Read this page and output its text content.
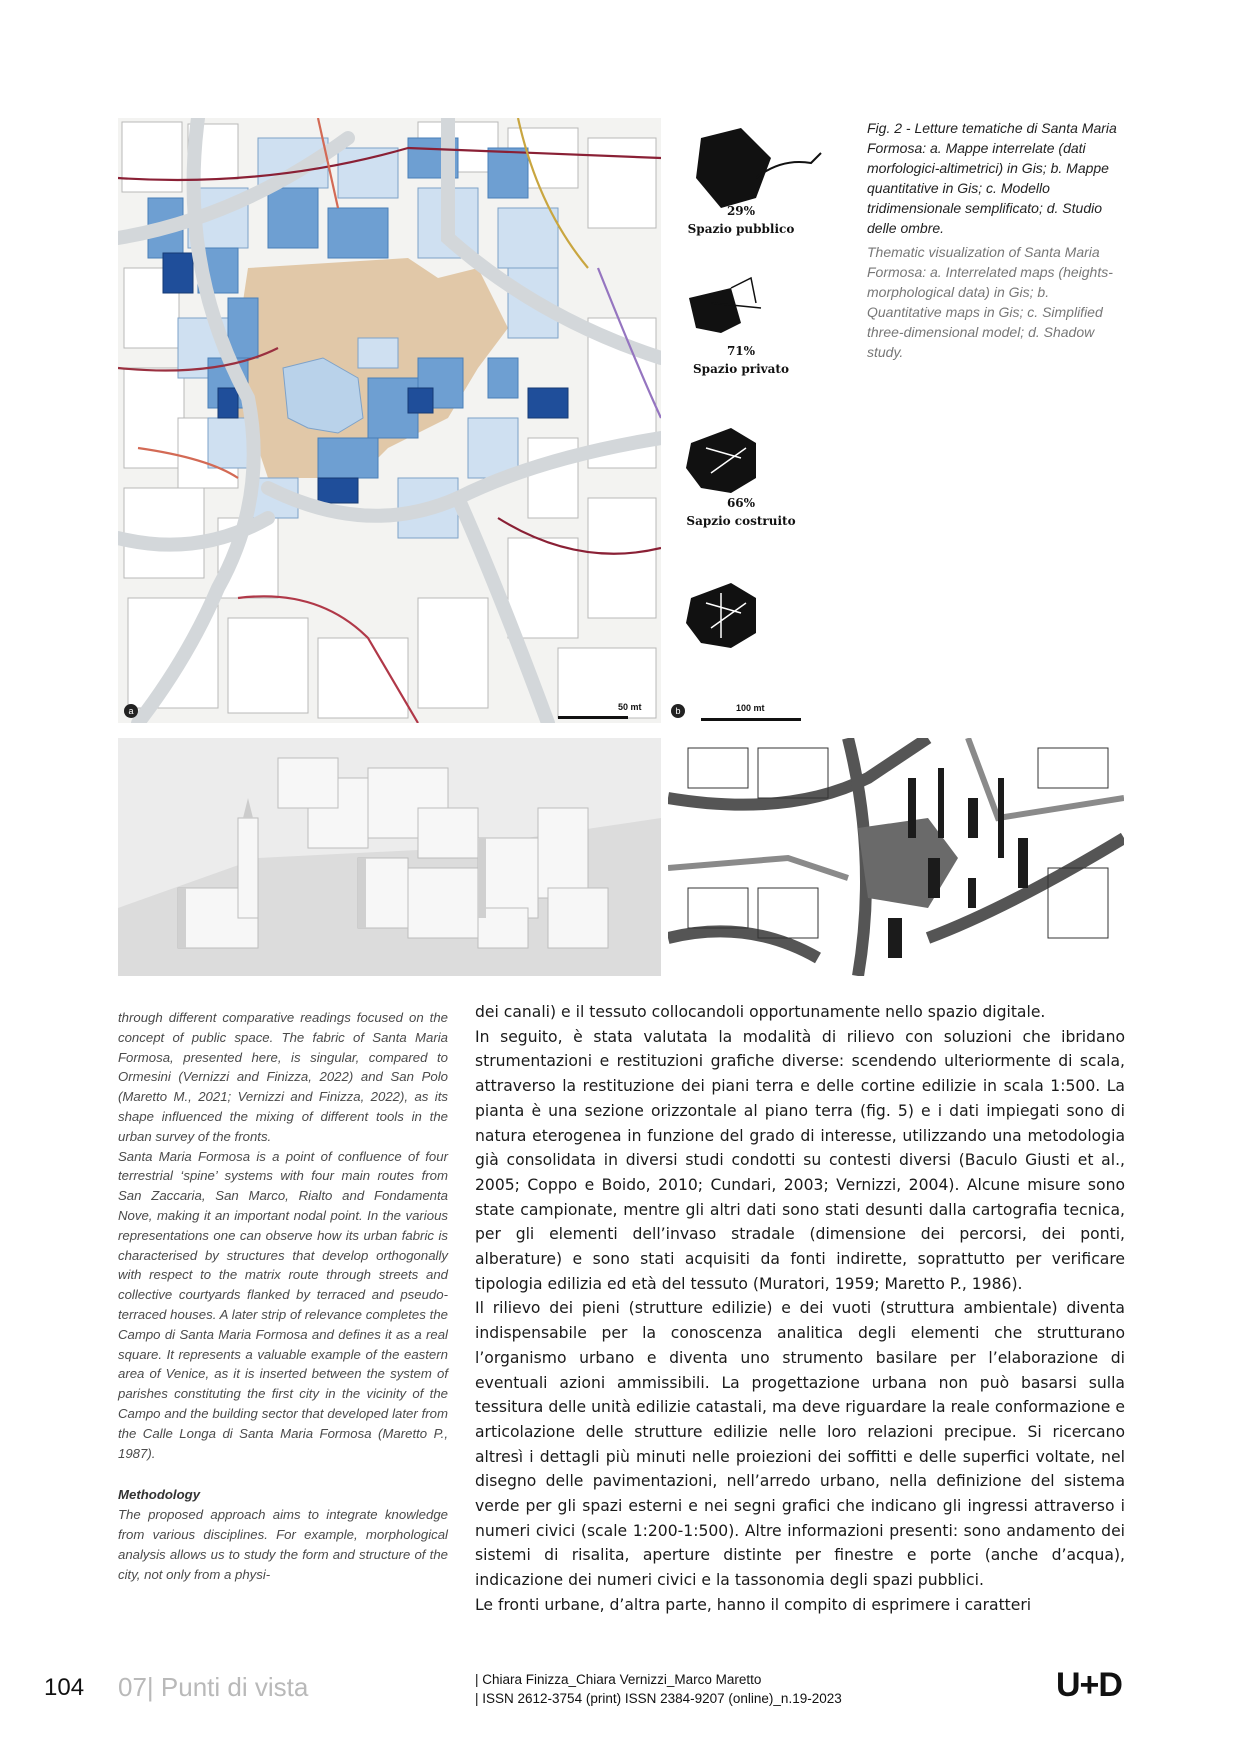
a	50 mt
29%
Spazio pubblico
71%
Spazio privato
66%
Sapzio costruito
b	100 mt

Fig. 2 - Letture tematiche di Santa Maria Formosa: a. Mappe interrelate (dati morfologici-altimetrici) in Gis; b. Mappe quantitative in Gis; c. Modello tridimensionale semplificato; d. Studio delle ombre.

Thematic visualization of Santa Maria Formosa: a. Interrelated maps (heights-morphological data) in Gis; b. Quantitative maps in Gis; c. Simplified three-dimensional model; d. Shadow study.

through different comparative readings focused on the concept of public space. The fabric of Santa Maria Formosa, presented here, is singular, compared to Ormesini (Vernizzi and Finizza, 2022) and San Polo (Maretto M., 2021; Vernizzi and Finizza, 2022), as its shape influenced the mixing of different tools in the urban survey of the fronts.

Santa Maria Formosa is a point of confluence of four terrestrial ‘spine’ systems with four main routes from San Zaccaria, San Marco, Rialto and Fondamenta Nove, making it an important nodal point. In the various representations one can observe how its urban fabric is characterised by structures that develop orthogonally with respect to the matrix route through streets and collective courtyards flanked by terraced and pseudo-terraced houses. A later strip of relevance completes the Campo di Santa Maria Formosa and defines it as a real square. It represents a valuable example of the eastern area of Venice, as it is inserted between the system of parishes constituting the first city in the vicinity of the Campo and the building sector that developed later from the Calle Longa di Santa Maria Formosa (Maretto P., 1987).

Methodology

The proposed approach aims to integrate knowledge from various disciplines. For example, morphological analysis allows us to study the form and structure of the city, not only from a physi-

dei canali) e il tessuto collocandoli opportunamente nello spazio digitale.

In seguito, è stata valutata la modalità di rilievo con soluzioni che ibridano strumentazioni e restituzioni grafiche diverse: scendendo ulteriormente di scala, attraverso la restituzione dei piani terra e delle cortine edilizie in scala 1:500. La pianta è una sezione orizzontale al piano terra (fig. 5) e i dati impiegati sono di natura eterogenea in funzione del grado di interesse, utilizzando una metodologia già consolidata in diversi studi condotti su contesti diversi (Baculo Giusti et al., 2005; Coppo e Boido, 2010; Cundari, 2003; Vernizzi, 2004). Alcune misure sono state campionate, mentre gli altri dati sono stati desunti dalla cartografia tecnica, per gli elementi dell’invaso stradale (dimensione dei percorsi, dei ponti, alberature) e sono stati acquisiti da fonti indirette, soprattutto per verificare tipologia edilizia ed età del tessuto (Muratori, 1959; Maretto P., 1986).

Il rilievo dei pieni (strutture edilizie) e dei vuoti (struttura ambientale) diventa indispensabile per la conoscenza analitica degli elementi che strutturano l’organismo urbano e diventa uno strumento basilare per l’elaborazione di eventuali azioni ammissibili. La progettazione urbana non può basarsi sulla tessitura delle unità edilizie catastali, ma deve riguardare la reale conformazione e articolazione delle strutture edilizie nelle loro relazioni precipue. Si ricercano altresì i dettagli più minuti nelle proiezioni dei soffitti e delle superfici voltate, nel disegno delle pavimentazioni, nell’arredo urbano, nella definizione del sistema verde per gli spazi esterni e nei segni grafici che indicano gli ingressi attraverso i numeri civici (scale 1:200-1:500). Altre informazioni presenti: sono andamento dei sistemi di risalita, aperture distinte per finestre e porte (anche d’acqua), indicazione dei numeri civici e la tassonomia degli spazi pubblici.

Le fronti urbane, d’altra parte, hanno il compito di esprimere i caratteri

104 07| Punti di vista	| Chiara Finizza_Chiara Vernizzi_Marco Maretto
| ISSN 2612-3754 (print) ISSN 2384-9207 (online)_n.19-2023	U+D
